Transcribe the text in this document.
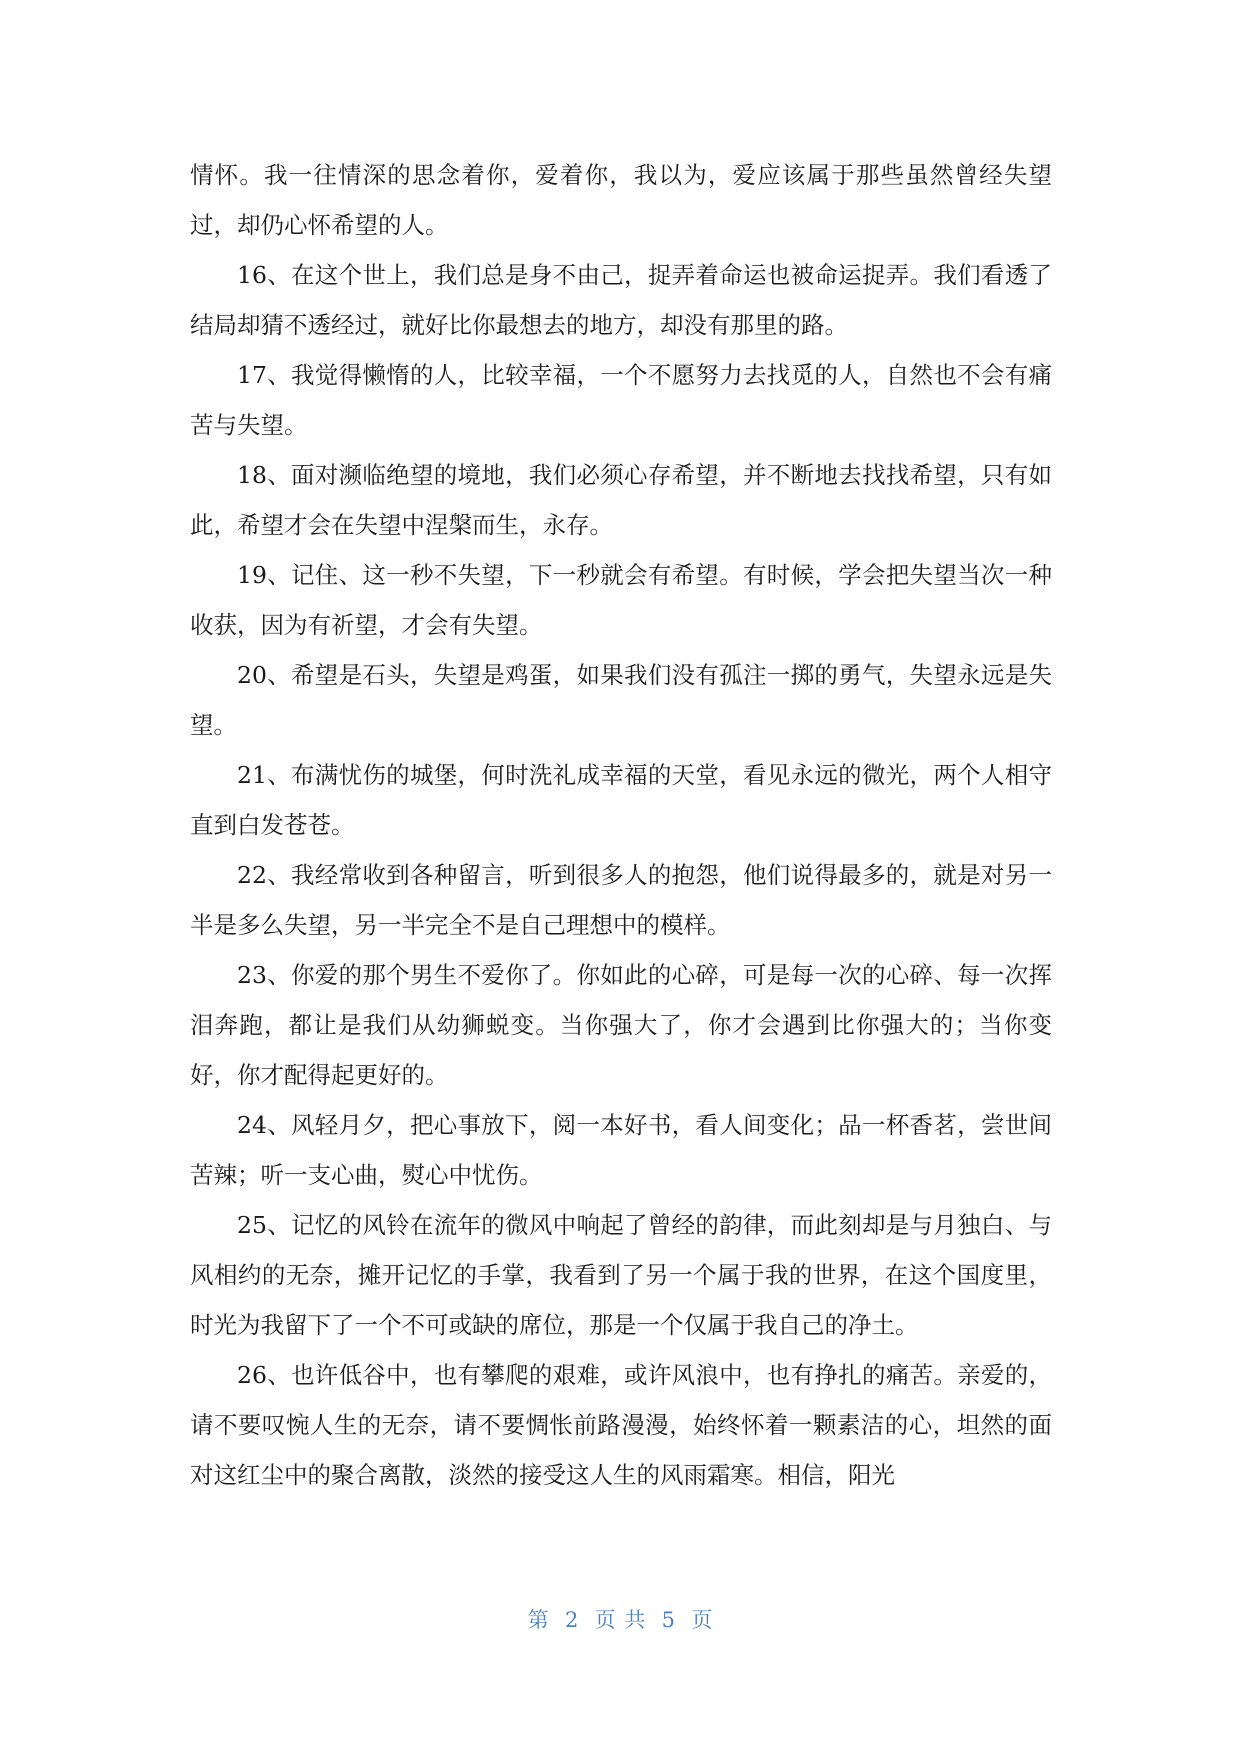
情怀。我一往情深的思念着你，爱着你，我以为，爱应该属于那些虽然曾经失望过，却仍心怀希望的人。

16、在这个世上，我们总是身不由己，捉弄着命运也被命运捉弄。我们看透了结局却猜不透经过，就好比你最想去的地方，却没有那里的路。

17、我觉得懒惰的人，比较幸福，一个不愿努力去找觅的人，自然也不会有痛苦与失望。

18、面对濒临绝望的境地，我们必须心存希望，并不断地去找找希望，只有如此，希望才会在失望中涅槃而生，永存。

19、记住、这一秒不失望，下一秒就会有希望。有时候，学会把失望当次一种收获，因为有祈望，才会有失望。

20、希望是石头，失望是鸡蛋，如果我们没有孤注一掷的勇气，失望永远是失望。

21、布满忧伤的城堡，何时洗礼成幸福的天堂，看见永远的微光，两个人相守直到白发苍苍。

22、我经常收到各种留言，听到很多人的抱怨，他们说得最多的，就是对另一半是多么失望，另一半完全不是自己理想中的模样。

23、你爱的那个男生不爱你了。你如此的心碎，可是每一次的心碎、每一次挥泪奔跑，都让是我们从幼狮蜕变。当你强大了，你才会遇到比你强大的；当你变好，你才配得起更好的。

24、风轻月夕，把心事放下，阅一本好书，看人间变化；品一杯香茗，尝世间苦辣；听一支心曲，熨心中忧伤。

25、记忆的风铃在流年的微风中响起了曾经的韵律，而此刻却是与月独白、与风相约的无奈，摊开记忆的手掌，我看到了另一个属于我的世界，在这个国度里，时光为我留下了一个不可或缺的席位，那是一个仅属于我自己的净土。

26、也许低谷中，也有攀爬的艰难，或许风浪中，也有挣扎的痛苦。亲爱的，请不要叹惋人生的无奈，请不要惆怅前路漫漫，始终怀着一颗素洁的心，坦然的面对这红尘中的聚合离散，淡然的接受这人生的风雨霜寒。相信，阳光

第  2  页 共  5  页
